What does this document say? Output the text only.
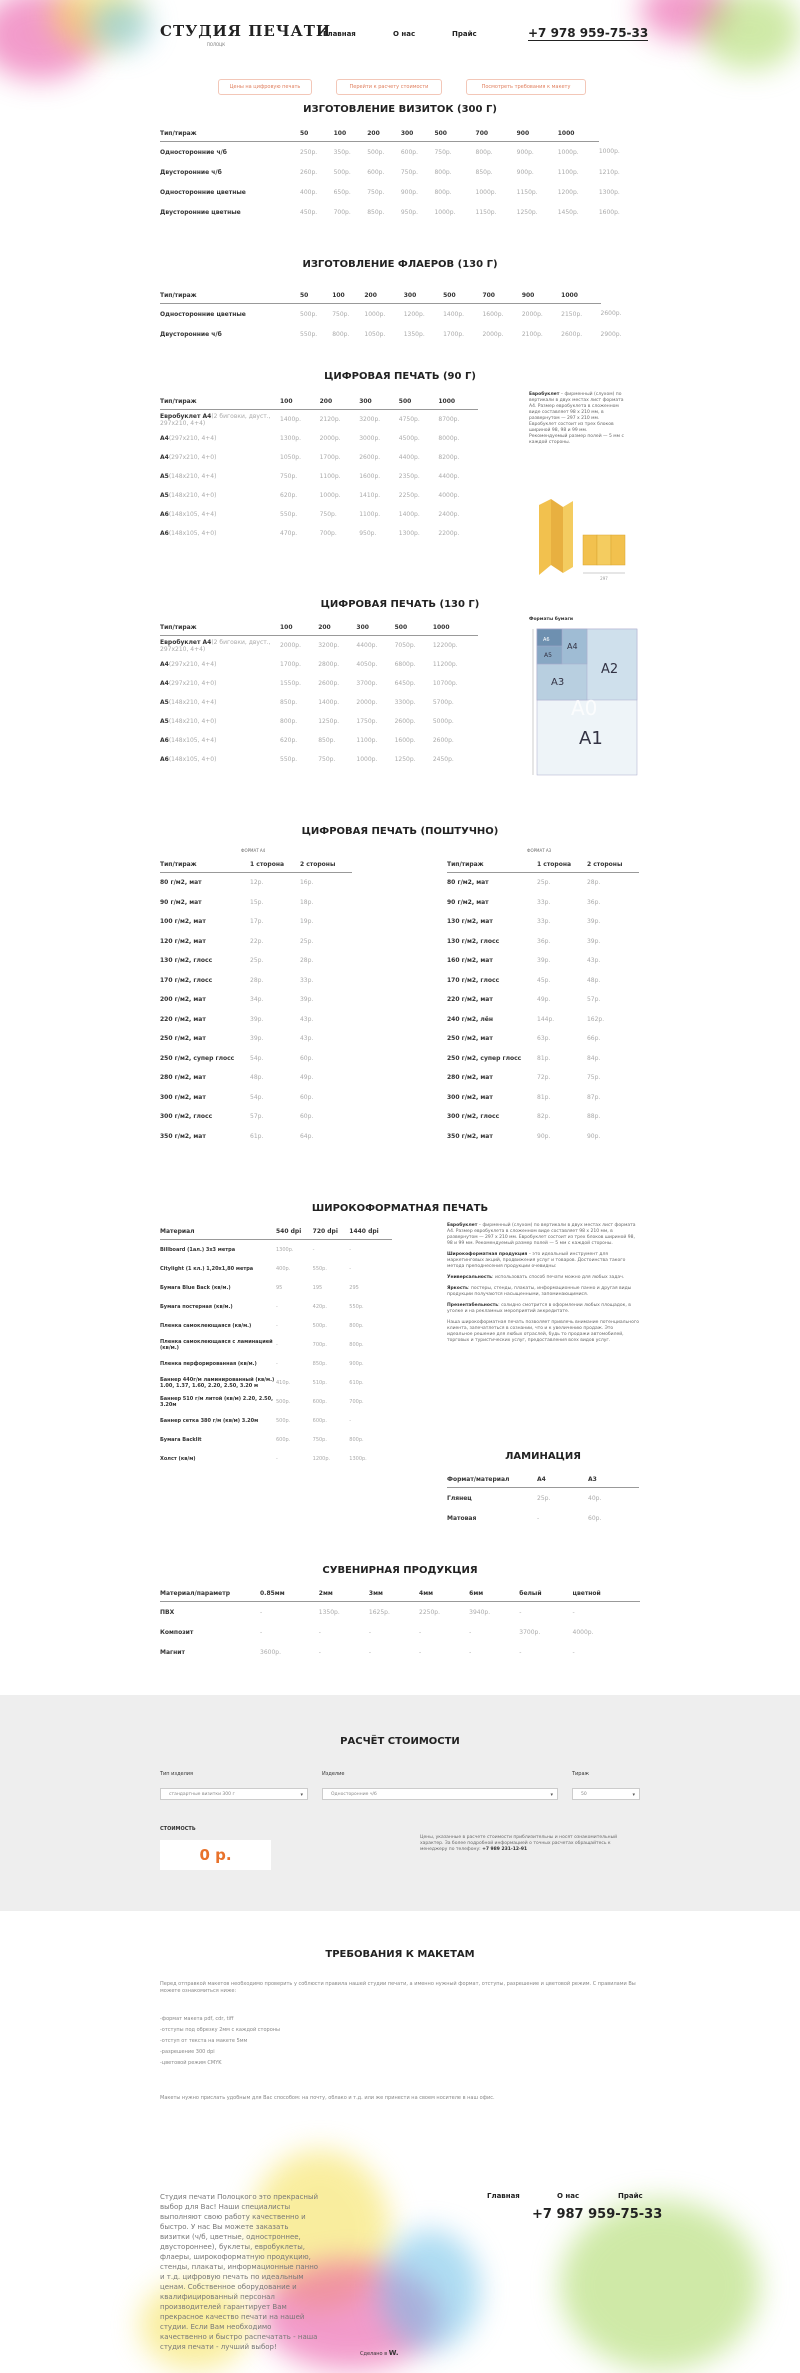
СТУДИЯ ПЕЧАТИ
ПОЛОЦК
Главная	О нас	Прайс	+7 978 959-75-33
Цены на цифровую печать	Перейти к расчету стоимости	Посмотреть требования к макету
ИЗГОТОВЛЕНИЕ ВИЗИТОК (300 Г)
Тип/тираж	50	100	200	300	500	700	900	1000	
Односторонние ч/б	250р.	350р.	500р.	600р.	750р.	800р.	900р.	1000р.	1000р.
Двусторонние ч/б	260р.	500р.	600р.	750р.	800р.	850р.	900р.	1100р.	1210р.
Односторонние цветные	400р.	650р.	750р.	900р.	800р.	1000р.	1150р.	1200р.	1300р.
Двусторонние цветные	450р.	700р.	850р.	950р.	1000р.	1150р.	1250р.	1450р.	1600р.
ИЗГОТОВЛЕНИЕ ФЛАЕРОВ (130 Г)
Тип/тираж	50	100	200	300	500	700	900	1000	
Односторонние цветные	500р.	750р.	1000р.	1200р.	1400р.	1600р.	2000р.	2150р.	2600р.
Двусторонние ч/б	550р.	800р.	1050р.	1350р.	1700р.	2000р.	2100р.	2600р.	2900р.
ЦИФРОВАЯ ПЕЧАТЬ (90 Г)
Тип/тираж	100	200	300	500	1000
Евробуклет А4(2 биговки, двуст., 297х210, 4+4)	1400р.	2120р.	3200р.	4750р.	8700р.
А4(297х210, 4+4)	1300р.	2000р.	3000р.	4500р.	8000р.
А4(297х210, 4+0)	1050р.	1700р.	2600р.	4400р.	8200р.
А5(148х210, 4+4)	750р.	1100р.	1600р.	2350р.	4400р.
А5(148х210, 4+0)	620р.	1000р.	1410р.	2250р.	4000р.
А6(148х105, 4+4)	550р.	750р.	1100р.	1400р.	2400р.
А6(148х105, 4+0)	470р.	700р.	950р.	1300р.	2200р.
Евробуклет – фирменный (слухом) по вертикали в двух местах лист формата А4. Размер евробуклета в сложенном виде составляет 98 x 210 мм, в развернутом — 297 x 210 мм. Евробуклет состоит из трех блоков шириной 98, 98 и 99 мм. Рекомендуемый размер полей — 5 мм с каждой стороны.
297
ЦИФРОВАЯ ПЕЧАТЬ (130 Г)
Тип/тираж	100	200	300	500	1000
Евробуклет А4(2 биговки, двуст., 297х210, 4+4)	2000р.	3200р.	4400р.	7050р.	12200р.
А4(297х210, 4+4)	1700р.	2800р.	4050р.	6800р.	11200р.
А4(297х210, 4+0)	1550р.	2600р.	3700р.	6450р.	10700р.
А5(148х210, 4+4)	850р.	1400р.	2000р.	3300р.	5700р.
А5(148х210, 4+0)	800р.	1250р.	1750р.	2600р.	5000р.
А6(148х105, 4+4)	620р.	850р.	1100р.	1600р.	2600р.
А6(148х105, 4+0)	550р.	750р.	1000р.	1250р.	2450р.
Форматы бумаги
A6
A5
A4
A3
A2
A1
A0
ЦИФРОВАЯ ПЕЧАТЬ (ПОШТУЧНО)
ФОРМАТ А4	ФОРМАТ А3
Тип/тираж	1 сторона	2 стороны
80 г/м2, мат	12р.	16р.
90 г/м2, мат	15р.	18р.
100 г/м2, мат	17р.	19р.
120 г/м2, мат	22р.	25р.
130 г/м2, глосс	25р.	28р.
170 г/м2, глосс	28р.	33р.
200 г/м2, мат	34р.	39р.
220 г/м2, мат	39р.	43р.
250 г/м2, мат	39р.	43р.
250 г/м2, супер глосс	54р.	60р.
280 г/м2, мат	48р.	49р.
300 г/м2, мат	54р.	60р.
300 г/м2, глосс	57р.	60р.
350 г/м2, мат	61р.	64р.
Тип/тираж	1 сторона	2 стороны
80 г/м2, мат	25р.	28р.
90 г/м2, мат	33р.	36р.
130 г/м2, мат	33р.	39р.
130 г/м2, глосс	36р.	39р.
160 г/м2, мат	39р.	43р.
170 г/м2, глосс	45р.	48р.
220 г/м2, мат	49р.	57р.
240 г/м2, лён	144р.	162р.
250 г/м2, мат	63р.	66р.
250 г/м2, супер глосс	81р.	84р.
280 г/м2, мат	72р.	75р.
300 г/м2, мат	81р.	87р.
300 г/м2, глосс	82р.	88р.
350 г/м2, мат	90р.	90р.
ШИРОКОФОРМАТНАЯ ПЕЧАТЬ
Материал	540 dpi	720 dpi	1440 dpi
Billboard (1ал.) 3х3 метра	1300р.	-	-
Citylight (1 кл.) 1,20х1,80 метра	400р.	550р.	-
Бумага Blue Back (кв/м.)	95	195	295
Бумага постерная (кв/м.)	-	420р.	550р.
Пленка самоклеющаяся (кв/м.)	-	500р.	800р.
Пленка самоклеющаяся с ламинацией (кв/м.)	-	700р.	800р.
Пленка перфорированная (кв/м.)	-	850р.	900р.
Баннер 440г/м ламинированный (кв/м.) 1.00, 1.37, 1.60, 2.20, 2.50, 3.20 м	410р.	510р.	610р.
Баннер 510 г/м литой (кв/м) 2.20, 2.50, 3.20м	500р.	600р.	700р.
Баннер сетка 380 г/м (кв/м) 3.20м	500р.	600р.	-
Бумага Backlit	600р.	750р.	800р.
Холст (кв/м)	-	1200р.	1300р.
Евробуклет – фирменный (слухом) по вертикали в двух местах лист формата А4. Размер евробуклета в сложенном виде составляет 98 x 210 мм, в развернутом — 297 x 210 мм. Евробуклет состоит из трех блоков шириной 98, 98 и 99 мм. Рекомендуемый размер полей — 5 мм с каждой стороны.
Широкоформатная продукция – это идеальный инструмент для маркетинговых акций, продвижения услуг и товаров. Достоинства такого метода преподнесения продукции очевидны:
Универсальность: использовать способ печати можно для любых задач.
Яркость: постеры, стенды, плакаты, информационные панно и другая виды продукции получаются насыщенными, запоминающимися.
Презентабельность: солидно смотрится в оформлении любых площадок, в уголке и на рекламных мероприятий аккредитате.
Наша широкоформатная печать позволяет привлечь внимание потенциального клиента, запечатлеться в сознании, что и к увеличению продаж. Это идеальное решение для любых отраслей, будь то продажи автомобилей, торговых и туристических услуг, предоставления всех видов услуг.
ЛАМИНАЦИЯ
Формат/материал	А4	А3
Глянец	25р.	40р.
Матовая	-	60р.
СУВЕНИРНАЯ ПРОДУКЦИЯ
Материал/параметр	0.85мм	2мм	3мм	4мм	6мм	белый	цветной
ПВХ	-	1350р.	1625р.	2250р.	3940р.	-	-
Композит	-	-	-	-	-	3700р.	4000р.
Магнит	3600р.	-	-	-	-	-	-
РАСЧЁТ СТОИМОСТИ
Тип изделия	Изделие	Тираж
стандартные визитки 300 г	▾	Односторонние ч/б	▾	50	▾
СТОИМОСТЬ
0 р.
Цены, указанные в расчете стоимости приблизительны и носят ознакомительный характер. За более подробной информацией о точных расчетах обращайтесь к менеджеру по телефону: +7 989 231-12-91
ТРЕБОВАНИЯ К МАКЕТАМ
Перед отправкой макетов необходимо проверить у соблюсти правила нашей студии печати, а именно нужный формат, отступы, разрешение и цветовой режим. С правилами Вы можете ознакомиться ниже:
-формат макета pdf, cdr, tiff
-отступы под обрезку 2мм с каждой стороны
-отступ от текста на макете 5мм
-разрешение 300 dpi
-цветовой режим CMYK
Макеты нужно прислать удобным для Вас способом: на почту, облако и т.д. или же принести на своем носителе в наш офис.
Студия печати Полоцкого это прекрасный выбор для Вас! Наши специалисты выполняют свою работу качественно и быстро. У нас Вы можете заказать визитки (ч/б, цветные, одностроннее, двустороннее), буклеты, евробуклеты, флаеры, широкоформатную продукцию, стенды, плакаты, информационные панно и т.д. цифровую печать по идеальным ценам. Собственное оборудование и квалифицированный персонал производителей гарантирует Вам прекрасное качество печати на нашей студии. Если Вам необходимо качественно и быстро распечатать - наша студия печати - лучший выбор!
Главная	О нас	Прайс
+7 987 959-75-33
Сделано в W.
